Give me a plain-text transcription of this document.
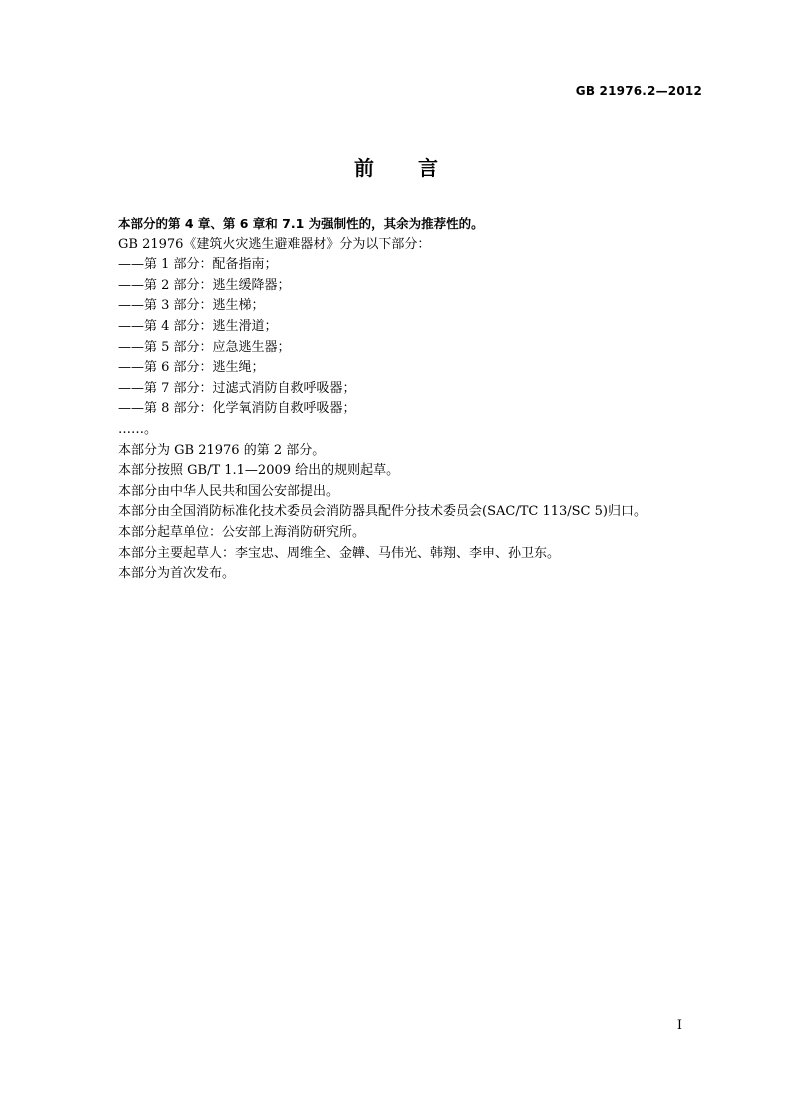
GB 21976.2—2012
前言
本部分的第 4 章、第 6 章和 7.1 为强制性的，其余为推荐性的。
GB 21976《建筑火灾逃生避难器材》分为以下部分：
——第 1 部分：配备指南；
——第 2 部分：逃生缓降器；
——第 3 部分：逃生梯；
——第 4 部分：逃生滑道；
——第 5 部分：应急逃生器；
——第 6 部分：逃生绳；
——第 7 部分：过滤式消防自救呼吸器；
——第 8 部分：化学氧消防自救呼吸器；
……。
本部分为 GB 21976 的第 2 部分。
本部分按照 GB/T 1.1—2009 给出的规则起草。
本部分由中华人民共和国公安部提出。
本部分由全国消防标准化技术委员会消防器具配件分技术委员会(SAC/TC 113/SC 5)归口。
本部分起草单位：公安部上海消防研究所。
本部分主要起草人：李宝忠、周维全、金韡、马伟光、韩翔、李申、孙卫东。
本部分为首次发布。
I
